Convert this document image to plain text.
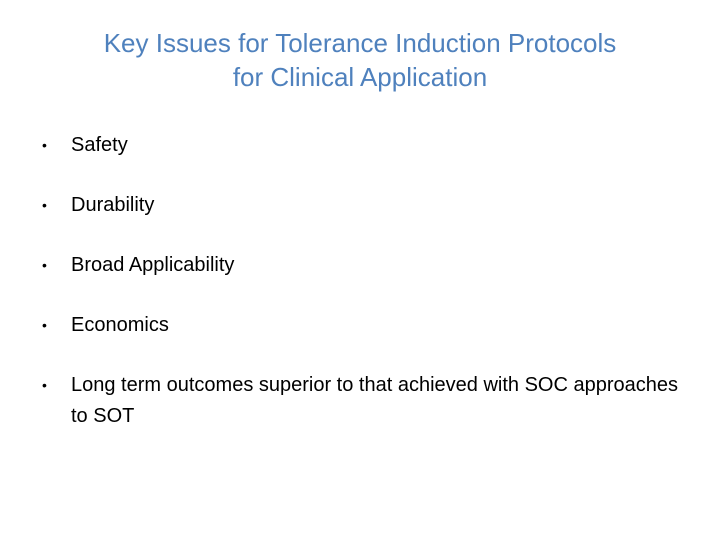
Key Issues for Tolerance Induction Protocols
for Clinical Application
• Safety
• Durability
• Broad Applicability
• Economics
• Long term outcomes superior to that achieved with SOC approaches to SOT
